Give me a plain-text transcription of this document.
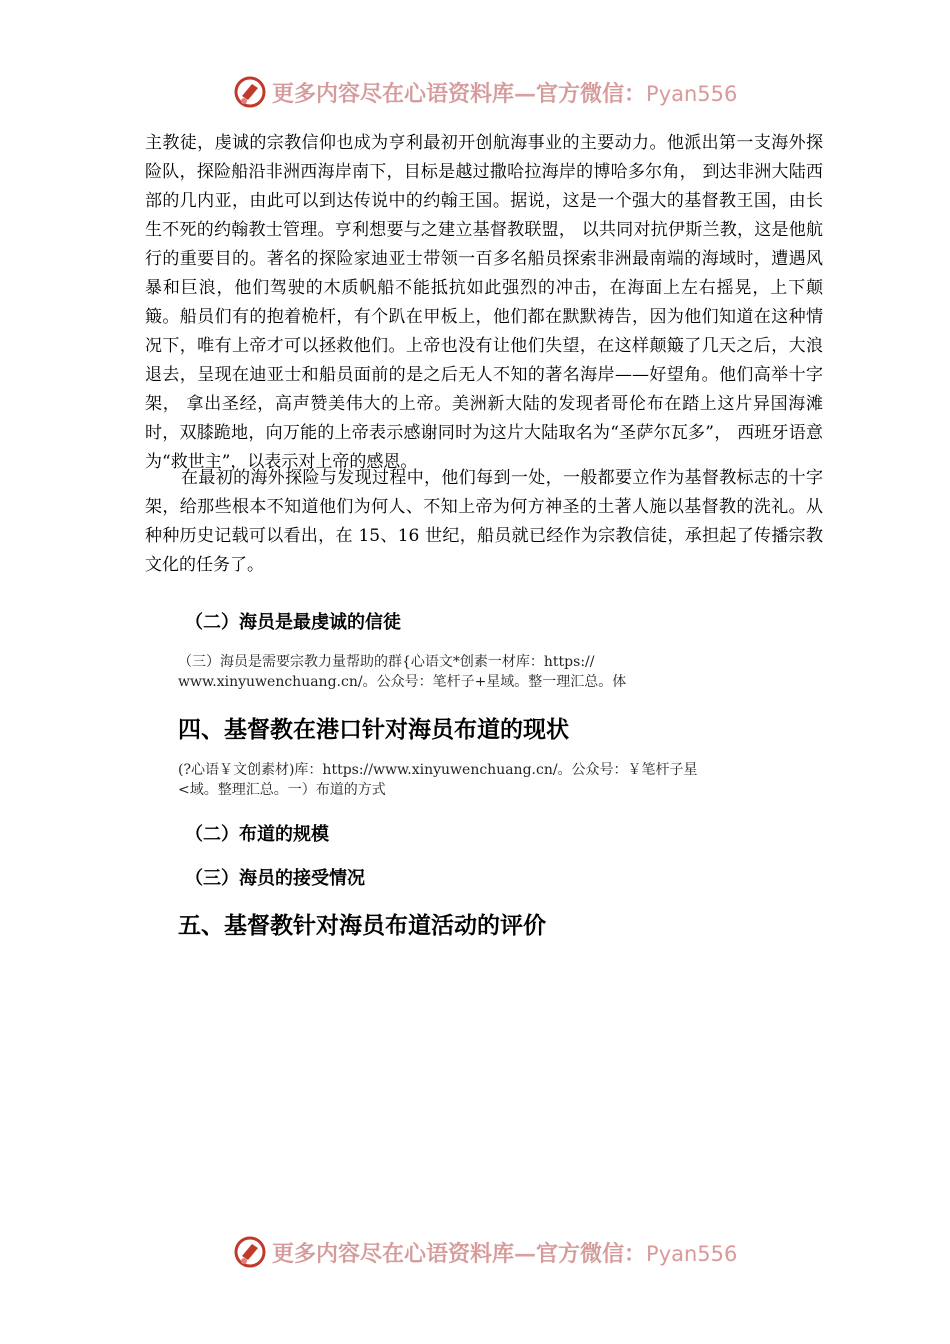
更多内容尽在心语资料库—官方微信：Pyan556

主教徒，虔诚的宗教信仰也成为亨利最初开创航海事业的主要动力。他派出第一支海外探险队，探险船沿非洲西海岸南下，目标是越过撒哈拉海岸的博哈多尔角， 到达非洲大陆西部的几内亚，由此可以到达传说中的约翰王国。据说，这是一个强大的基督教王国，由长生不死的约翰教士管理。亨利想要与之建立基督教联盟， 以共同对抗伊斯兰教，这是他航行的重要目的。著名的探险家迪亚士带领一百多名船员探索非洲最南端的海域时，遭遇风暴和巨浪，他们驾驶的木质帆船不能抵抗如此强烈的冲击，在海面上左右摇晃，上下颠簸。船员们有的抱着桅杆，有个趴在甲板上，他们都在默默祷告，因为他们知道在这种情况下，唯有上帝才可以拯救他们。上帝也没有让他们失望，在这样颠簸了几天之后，大浪退去，呈现在迪亚士和船员面前的是之后无人不知的著名海岸——好望角。他们高举十字架， 拿出圣经，高声赞美伟大的上帝。美洲新大陆的发现者哥伦布在踏上这片异国海滩时，双膝跪地，向万能的上帝表示感谢同时为这片大陆取名为“圣萨尔瓦多”， 西班牙语意为“救世主”，以表示对上帝的感恩。

在最初的海外探险与发现过程中，他们每到一处，一般都要立作为基督教标志的十字架，给那些根本不知道他们为何人、不知上帝为何方神圣的土著人施以基督教的洗礼。从种种历史记载可以看出，在 15、16 世纪，船员就已经作为宗教信徒，承担起了传播宗教文化的任务了。

（二）海员是最虔诚的信徒
（三）海员是需要宗教力量帮助的群{心语文*创素一材库：https://
www.xinyuwenchuang.cn/。公众号：笔杆子+星域。整一理汇总。体
四、基督教在港口针对海员布道的现状
(?心语￥文创素材)库：https://www.xinyuwenchuang.cn/。公众号：￥笔杆子星
<域。整理汇总。一）布道的方式
（二）布道的规模
（三）海员的接受情况
五、基督教针对海员布道活动的评价
更多内容尽在心语资料库—官方微信：Pyan556
